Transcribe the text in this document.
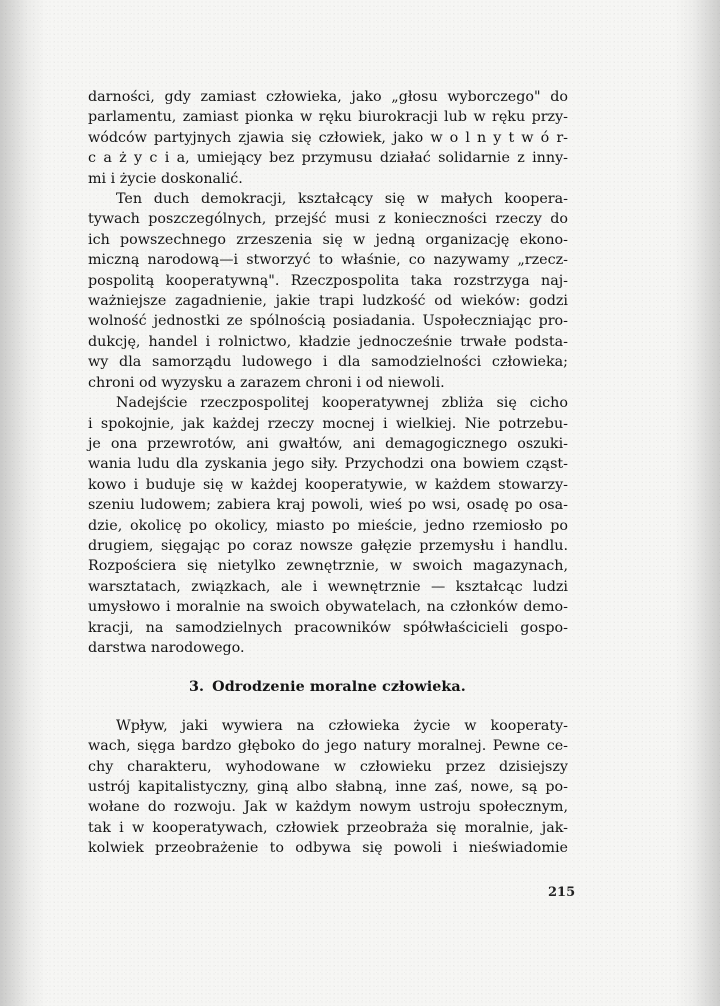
darności, gdy zamiast człowieka, jako „głosu wyborczego" do
parlamentu, zamiast pionka w ręku biurokracji lub w ręku przy-
wódców partyjnych zjawia się człowiek, jako w o l n y t w ó r-
c a ż y c i a, umiejący bez przymusu działać solidarnie z inny-
mi i życie doskonalić.
Ten duch demokracji, kształcący się w małych koopera-
tywach poszczególnych, przejść musi z konieczności rzeczy do
ich powszechnego zrzeszenia się w jedną organizację ekono-
miczną narodową—i stworzyć to właśnie, co nazywamy „rzecz-
pospolitą kooperatywną". Rzeczpospolita taka rozstrzyga naj-
ważniejsze zagadnienie, jakie trapi ludzkość od wieków: godzi
wolność jednostki ze spólnością posiadania. Uspołeczniając pro-
dukcję, handel i rolnictwo, kładzie jednocześnie trwałe podsta-
wy dla samorządu ludowego i dla samodzielności człowieka;
chroni od wyzysku a zarazem chroni i od niewoli.
Nadejście rzeczpospolitej kooperatywnej zbliża się cicho
i spokojnie, jak każdej rzeczy mocnej i wielkiej. Nie potrzebu-
je ona przewrotów, ani gwałtów, ani demagogicznego oszuki-
wania ludu dla zyskania jego siły. Przychodzi ona bowiem cząst-
kowo i buduje się w każdej kooperatywie, w każdem stowarzy-
szeniu ludowem; zabiera kraj powoli, wieś po wsi, osadę po osa-
dzie, okolicę po okolicy, miasto po mieście, jedno rzemiosło po
drugiem, sięgając po coraz nowsze gałęzie przemysłu i handlu.
Rozpościera się nietylko zewnętrznie, w swoich magazynach,
warsztatach, związkach, ale i wewnętrznie — kształcąc ludzi
umysłowo i moralnie na swoich obywatelach, na członków demo-
kracji, na samodzielnych pracowników spółwłaścicieli gospo-
darstwa narodowego.
3. Odrodzenie moralne człowieka.
Wpływ, jaki wywiera na człowieka życie w kooperaty-
wach, sięga bardzo głęboko do jego natury moralnej. Pewne ce-
chy charakteru, wyhodowane w człowieku przez dzisiejszy
ustrój kapitalistyczny, giną albo słabną, inne zaś, nowe, są po-
wołane do rozwoju. Jak w każdym nowym ustroju społecznym,
tak i w kooperatywach, człowiek przeobraża się moralnie, jak-
kolwiek przeobrażenie to odbywa się powoli i nieświadomie
215
